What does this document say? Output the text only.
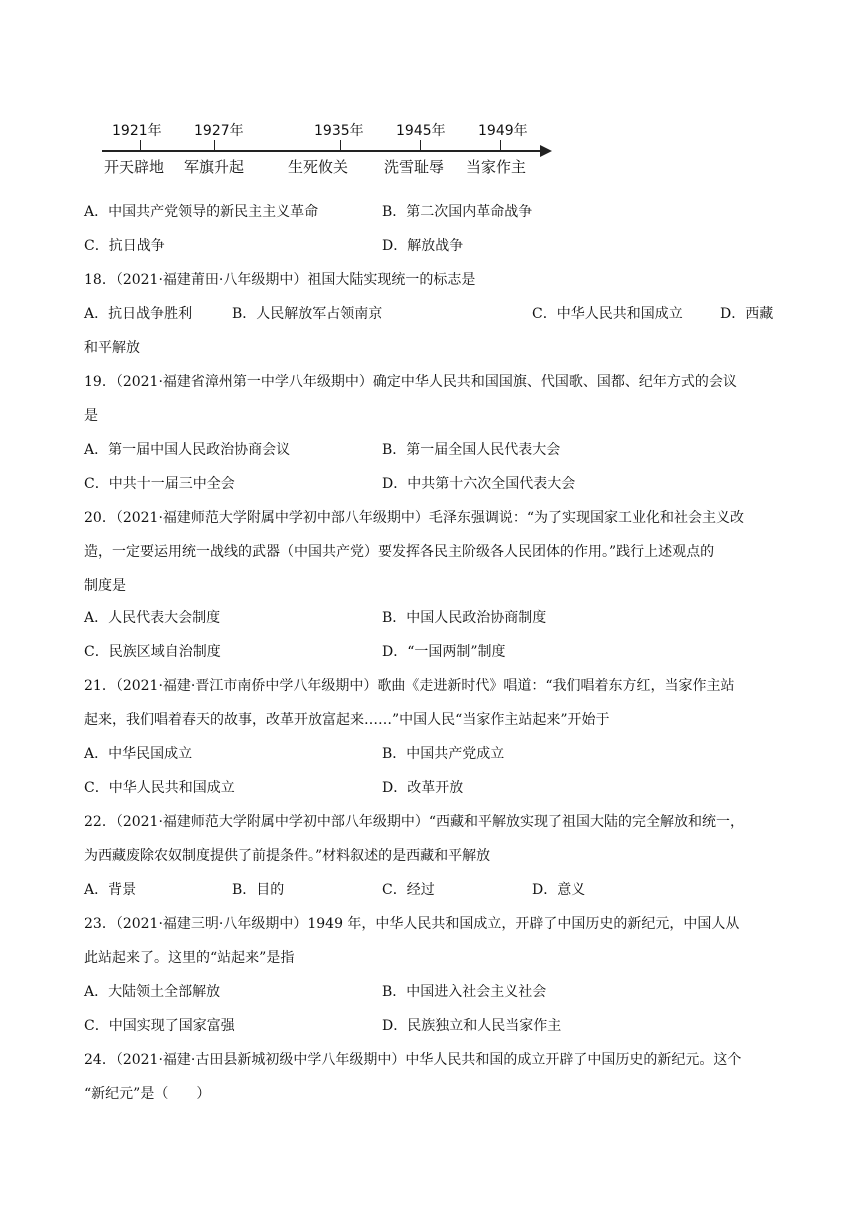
1921年 1927年	1935年 1945年 1949年
开天辟地 军旗升起	生死攸关 洗雪耻辱 当家作主
A．中国共产党领导的新民主主义革命	B．第二次国内革命战争
C．抗日战争	D．解放战争
18．（2021·福建莆田·八年级期中）祖国大陆实现统一的标志是
A．抗日战争胜利	B．人民解放军占领南京	C．中华人民共和国成立	D．西藏
和平解放
19．（2021·福建省漳州第一中学八年级期中）确定中华人民共和国国旗、代国歌、国都、纪年方式的会议
是
A．第一届中国人民政治协商会议	B．第一届全国人民代表大会
C．中共十一届三中全会	D．中共第十六次全国代表大会
20．（2021·福建师范大学附属中学初中部八年级期中）毛泽东强调说：“为了实现国家工业化和社会主义改
造，一定要运用统一战线的武器（中国共产党）要发挥各民主阶级各人民团体的作用。”践行上述观点的
制度是
A．人民代表大会制度	B．中国人民政治协商制度
C．民族区域自治制度	D．“一国两制”制度
21．（2021·福建·晋江市南侨中学八年级期中）歌曲《走进新时代》唱道：“我们唱着东方红，当家作主站
起来，我们唱着春天的故事，改革开放富起来……”中国人民“当家作主站起来”开始于
A．中华民国成立	B．中国共产党成立
C．中华人民共和国成立	D．改革开放
22．（2021·福建师范大学附属中学初中部八年级期中）“西藏和平解放实现了祖国大陆的完全解放和统一，
为西藏废除农奴制度提供了前提条件。”材料叙述的是西藏和平解放
A．背景	B．目的	C．经过	D．意义
23．（2021·福建三明·八年级期中）1949 年，中华人民共和国成立，开辟了中国历史的新纪元，中国人从
此站起来了。这里的“站起来”是指
A．大陆领土全部解放	B．中国进入社会主义社会
C．中国实现了国家富强	D．民族独立和人民当家作主
24．（2021·福建·古田县新城初级中学八年级期中）中华人民共和国的成立开辟了中国历史的新纪元。这个
“新纪元”是（　　）
